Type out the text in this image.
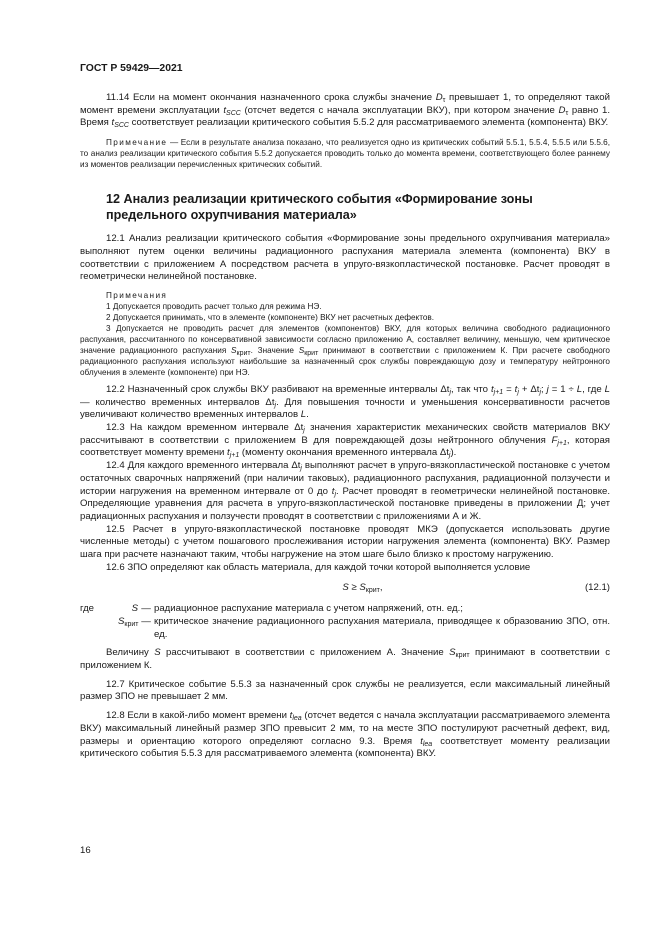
ГОСТ Р 59429—2021

11.14 Если на момент окончания назначенного срока службы значение $D_\tau$ превышает 1, то определяют такой момент времени эксплуатации $t_{SCC}$ (отсчет ведется с начала эксплуатации ВКУ), при котором значение $D_\tau$ равно 1. Время $t_{SCC}$ соответствует реализации критического события 5.5.2 для рассматриваемого элемента (компонента) ВКУ.

Примечание — Если в результате анализа показано, что реализуется одно из критических событий 5.5.1, 5.5.4, 5.5.5 или 5.5.6, то анализ реализации критического события 5.5.2 допускается проводить только до момента времени, соответствующего более раннему из моментов реализации перечисленных критических событий.

12 Анализ реализации критического события «Формирование зоны предельного охрупчивания материала»

12.1 Анализ реализации критического события «Формирование зоны предельного охрупчивания материала» выполняют путем оценки величины радиационного распухания материала элемента (компонента) ВКУ в соответствии с приложением А посредством расчета в упруго-вязкопластической постановке. Расчет проводят в геометрически нелинейной постановке.

Примечания

1 Допускается проводить расчет только для режима НЭ.

2 Допускается принимать, что в элементе (компоненте) ВКУ нет расчетных дефектов.

3 Допускается не проводить расчет для элементов (компонентов) ВКУ, для которых величина свободного радиационного распухания, рассчитанного по консервативной зависимости согласно приложению А, составляет величину, меньшую, чем критическое значение радиационного распухания $S_{крит}$. Значение $S_{крит}$ принимают в соответствии с приложением К. При расчете свободного радиационного распухания используют наибольшие за назначенный срок службы повреждающую дозу и температуру нейтронного облучения в элементе (компоненте) при НЭ.

12.2 Назначенный срок службы ВКУ разбивают на временные интервалы $\Delta t_j$, так что $t_{j+1} = t_j + \Delta t_j$; j = 1 ÷ L, где L — количество временных интервалов $\Delta t_j$. Для повышения точности и уменьшения консервативности расчетов увеличивают количество временных интервалов L.

12.3 На каждом временном интервале $\Delta t_j$ значения характеристик механических свойств материалов ВКУ рассчитывают в соответствии с приложением В для повреждающей дозы нейтронного облучения $F_{j+1}$, которая соответствует моменту времени $t_{j+1}$ (моменту окончания временного интервала $\Delta t_j$).

12.4 Для каждого временного интервала $\Delta t_j$ выполняют расчет в упруго-вязкопластической постановке с учетом остаточных сварочных напряжений (при наличии таковых), радиационного распухания, радиационной ползучести и истории нагружения на временном интервале от 0 до $t_j$. Расчет проводят в геометрически нелинейной постановке. Определяющие уравнения для расчета в упруго-вязкопластической постановке приведены в приложении Д; учет радиационных распухания и ползучести проводят в соответствии с приложениями А и Ж.

12.5 Расчет в упруго-вязкопластической постановке проводят МКЭ (допускается использовать другие численные методы) с учетом пошагового прослеживания истории нагружения элемента (компонента) ВКУ. Размер шага при расчете назначают таким, чтобы нагружение на этом шаге было близко к простому нагружению.

12.6 ЗПО определяют как область материала, для каждой точки которой выполняется условие

$S \ge S_{крит}$,	(12.1)
где	S — радиационное распухание материала с учетом напряжений, отн. ед.;
$S_{крит}$ — критическое значение радиационного распухания материала, приводящее к образованию ЗПО, отн. ед.

Величину S рассчитывают в соответствии с приложением А. Значение $S_{крит}$ принимают в соответствии с приложением К.

12.7 Критическое событие 5.5.3 за назначенный срок службы не реализуется, если максимальный линейный размер ЗПО не превышает 2 мм.

12.8 Если в какой-либо момент времени $t_{lea}$ (отсчет ведется с начала эксплуатации рассматриваемого элемента ВКУ) максимальный линейный размер ЗПО превысит 2 мм, то на месте ЗПО постулируют расчетный дефект, вид, размеры и ориентацию которого определяют согласно 9.3. Время $t_{lea}$ соответствует моменту реализации критического события 5.5.3 для рассматриваемого элемента (компонента) ВКУ.

16
